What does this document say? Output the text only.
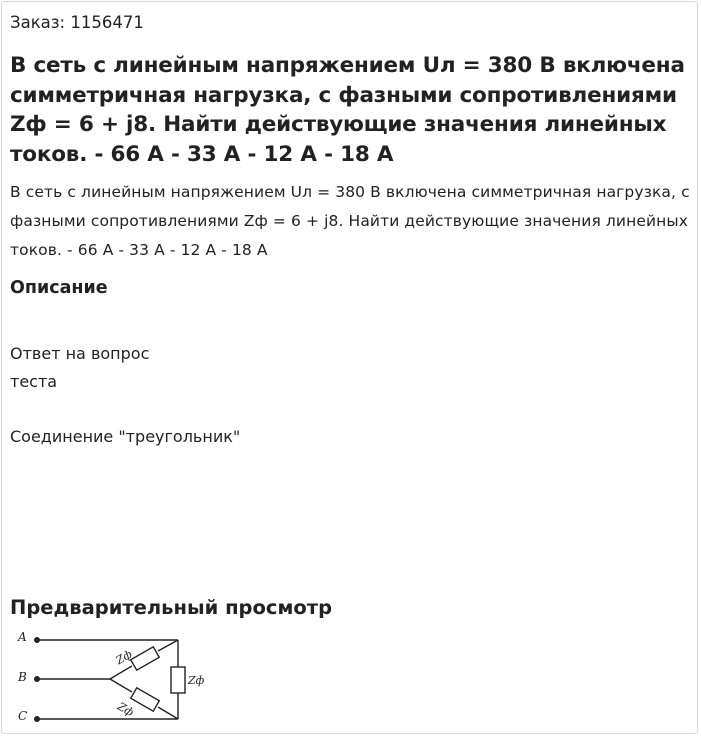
Заказ: 1156471
В сеть с линейным напряжением Uл = 380 В включена симметричная нагрузка, с фазными сопротивлениями Zф = 6 + j8. Найти действующие значения линейных токов. - 66 А - 33 А - 12 А - 18 А
В сеть с линейным напряжением Uл = 380 В включена симметричная нагрузка, с фазными сопротивлениями Zф = 6 + j8. Найти действующие значения линейных токов. - 66 А - 33 А - 12 А - 18 А
Описание
Ответ на вопрос
теста
Соединение "треугольник"
Предварительный просмотр
A
B
C
Zф
Zф
Zф
